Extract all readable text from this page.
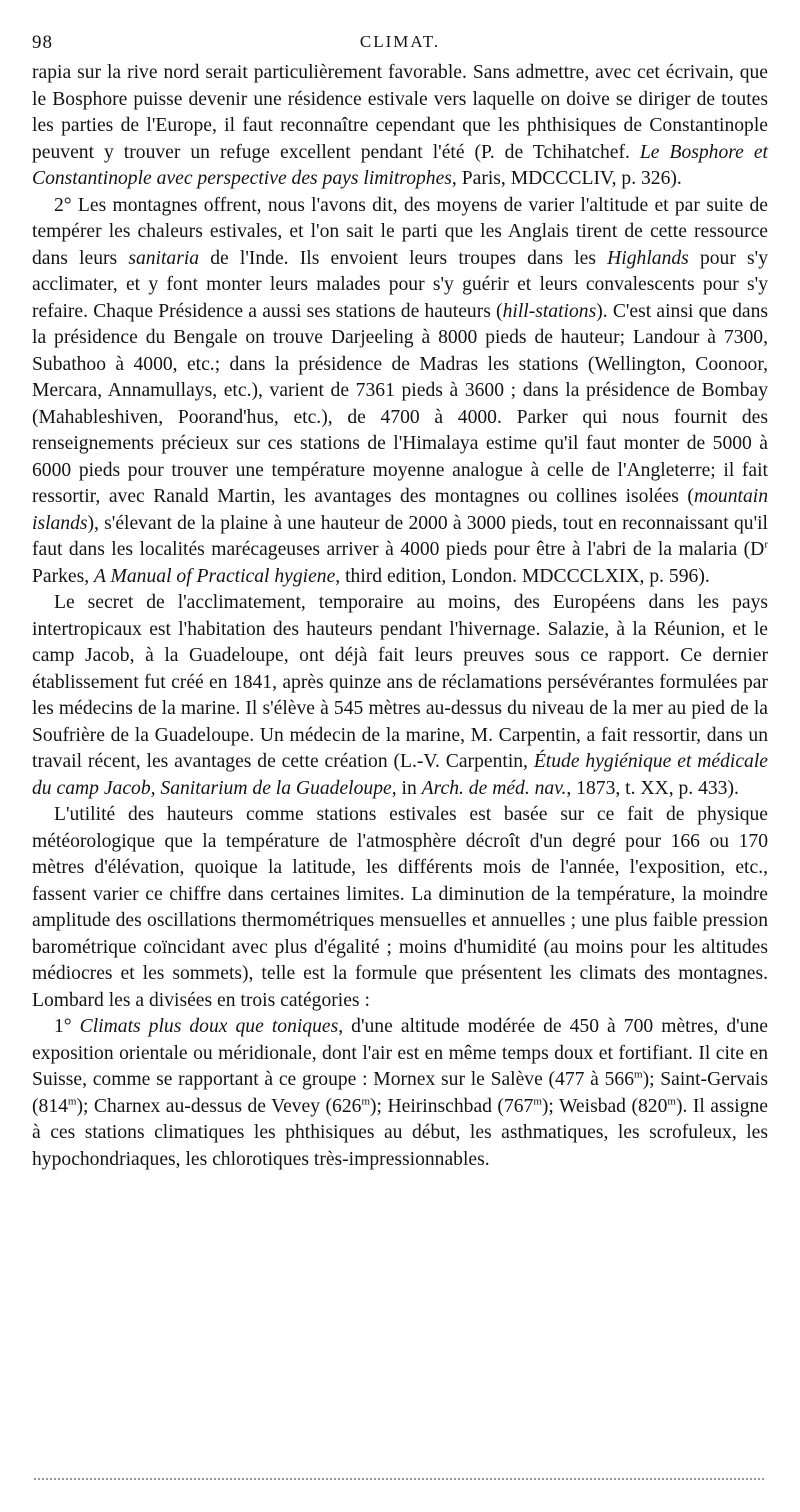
98	CLIMAT.

rapia sur la rive nord serait particulièrement favorable. Sans admettre, avec cet écrivain, que le Bosphore puisse devenir une résidence estivale vers laquelle on doive se diriger de toutes les parties de l'Europe, il faut reconnaître cependant que les phthisiques de Constantinople peuvent y trouver un refuge excellent pendant l'été (P. de Tchihatchef. Le Bosphore et Constantinople avec perspective des pays limitrophes, Paris, MDCCCLIV, p. 326).

2° Les montagnes offrent, nous l'avons dit, des moyens de varier l'altitude et par suite de tempérer les chaleurs estivales, et l'on sait le parti que les Anglais tirent de cette ressource dans leurs sanitaria de l'Inde. Ils envoient leurs troupes dans les Highlands pour s'y acclimater, et y font monter leurs malades pour s'y guérir et leurs convalescents pour s'y refaire. Chaque Présidence a aussi ses stations de hauteurs (hill-stations). C'est ainsi que dans la présidence du Bengale on trouve Darjeeling à 8000 pieds de hauteur; Landour à 7300, Subathoo à 4000, etc.; dans la présidence de Madras les stations (Wellington, Coonoor, Mercara, Annamullays, etc.), varient de 7361 pieds à 3600 ; dans la présidence de Bombay (Mahableshiven, Poorand'hus, etc.), de 4700 à 4000. Parker qui nous fournit des renseignements précieux sur ces stations de l'Himalaya estime qu'il faut monter de 5000 à 6000 pieds pour trouver une température moyenne analogue à celle de l'Angleterre; il fait ressortir, avec Ranald Martin, les avantages des montagnes ou collines isolées (mountain islands), s'élevant de la plaine à une hauteur de 2000 à 3000 pieds, tout en reconnaissant qu'il faut dans les localités marécageuses arriver à 4000 pieds pour être à l'abri de la malaria ($D^r$ Parkes, A Manual of Practical hygiene, third edition, London. MDCCCLXIX, p. 596).

Le secret de l'acclimatement, temporaire au moins, des Européens dans les pays intertropicaux est l'habitation des hauteurs pendant l'hivernage. Salazie, à la Réunion, et le camp Jacob, à la Guadeloupe, ont déjà fait leurs preuves sous ce rapport. Ce dernier établissement fut créé en 1841, après quinze ans de réclamations persévérantes formulées par les médecins de la marine. Il s'élève à 545 mètres au-dessus du niveau de la mer au pied de la Soufrière de la Guadeloupe. Un médecin de la marine, M. Carpentin, a fait ressortir, dans un travail récent, les avantages de cette création (L.-V. Carpentin, Étude hygiénique et médicale du camp Jacob, Sanitarium de la Guadeloupe, in Arch. de méd. nav., 1873, t. XX, p. 433).

L'utilité des hauteurs comme stations estivales est basée sur ce fait de physique météorologique que la température de l'atmosphère décroît d'un degré pour 166 ou 170 mètres d'élévation, quoique la latitude, les différents mois de l'année, l'exposition, etc., fassent varier ce chiffre dans certaines limites. La diminution de la température, la moindre amplitude des oscillations thermométriques mensuelles et annuelles ; une plus faible pression barométrique coïncidant avec plus d'égalité ; moins d'humidité (au moins pour les altitudes médiocres et les sommets), telle est la formule que présentent les climats des montagnes. Lombard les a divisées en trois catégories :

1° Climats plus doux que toniques, d'une altitude modérée de 450 à 700 mètres, d'une exposition orientale ou méridionale, dont l'air est en même temps doux et fortifiant. Il cite en Suisse, comme se rapportant à ce groupe : Mornex sur le Salève (477 à 566$^m$); Saint-Gervais (814$^m$); Charnex au-dessus de Vevey (626$^m$); Heirinschbad (767$^m$); Weisbad (820$^m$). Il assigne à ces stations climatiques les phthisiques au début, les asthmatiques, les scrofuleux, les hypochondriaques, les chlorotiques très-impressionnables.
